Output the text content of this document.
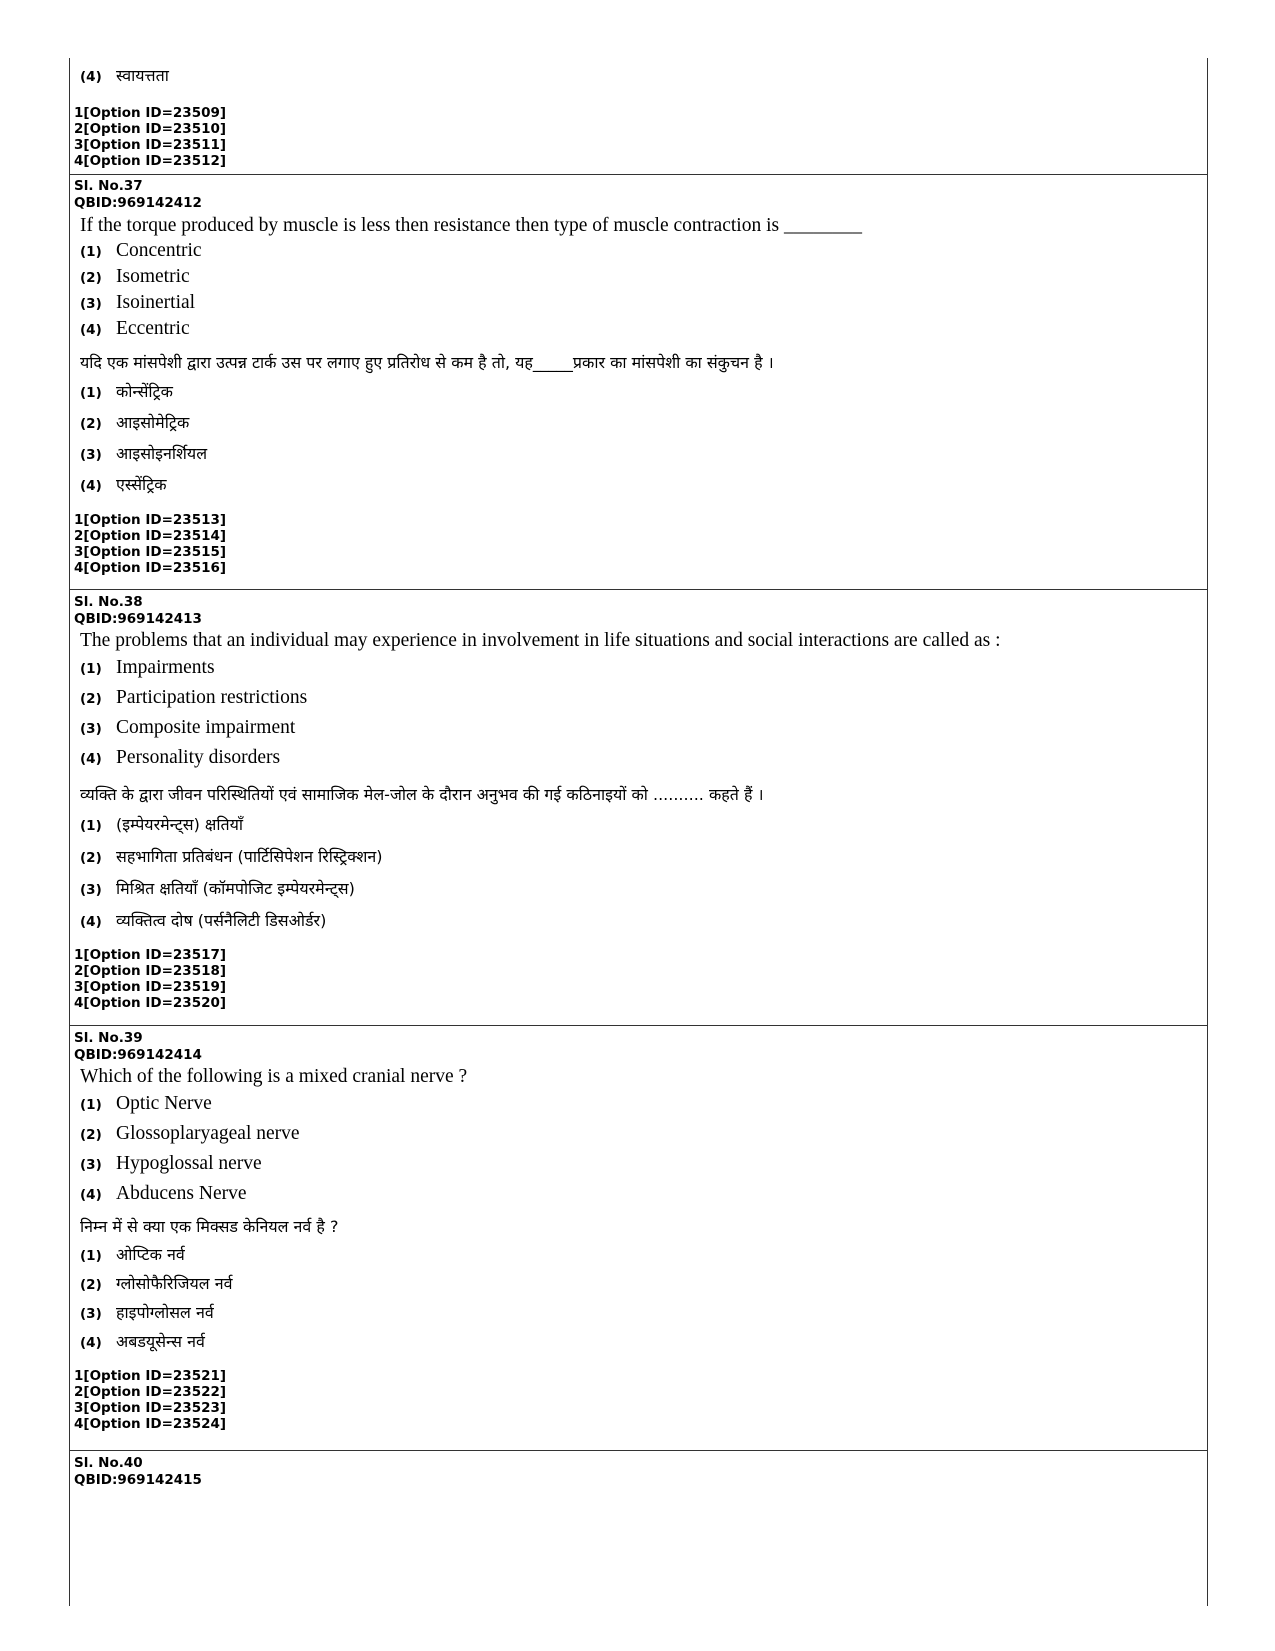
(4) स्वायत्तता
1[Option ID=23509]
2[Option ID=23510]
3[Option ID=23511]
4[Option ID=23512]
Sl. No.37
QBID:969142412
If the torque produced by muscle is less then resistance then type of muscle contraction is ________
(1) Concentric
(2) Isometric
(3) Isoinertial
(4) Eccentric
यदि एक मांसपेशी द्वारा उत्पन्न टार्क उस पर लगाए हुए प्रतिरोध से कम है तो, यह_____प्रकार का मांसपेशी का संकुचन है ।
(1) कोन्सेंट्रिक
(2) आइसोमेट्रिक
(3) आइसोइनर्शियल
(4) एस्सेंट्रिक
1[Option ID=23513]
2[Option ID=23514]
3[Option ID=23515]
4[Option ID=23516]
Sl. No.38
QBID:969142413
The problems that an individual may experience in involvement in life situations and social interactions are called as :
(1) Impairments
(2) Participation restrictions
(3) Composite impairment
(4) Personality disorders
व्यक्ति के द्वारा जीवन परिस्थितियों एवं सामाजिक मेल-जोल के दौरान अनुभव की गई कठिनाइयों को .......... कहते हैं ।
(1) (इम्पेयरमेन्ट्स) क्षतियाँ
(2) सहभागिता प्रतिबंधन (पार्टिसिपेशन रिस्ट्रिक्शन)
(3) मिश्रित क्षतियाँ (कॉमपोजिट इम्पेयरमेन्ट्स)
(4) व्यक्तित्व दोष (पर्सनैलिटी डिसओर्डर)
1[Option ID=23517]
2[Option ID=23518]
3[Option ID=23519]
4[Option ID=23520]
Sl. No.39
QBID:969142414
Which of the following is a mixed cranial nerve ?
(1) Optic Nerve
(2) Glossoplaryageal nerve
(3) Hypoglossal nerve
(4) Abducens Nerve
निम्न में से क्या एक मिक्सड केनियल नर्व है ?
(1) ओप्टिक नर्व
(2) ग्लोसोफैरिजियल नर्व
(3) हाइपोग्लोसल नर्व
(4) अबडयूसेन्स नर्व
1[Option ID=23521]
2[Option ID=23522]
3[Option ID=23523]
4[Option ID=23524]
Sl. No.40
QBID:969142415
